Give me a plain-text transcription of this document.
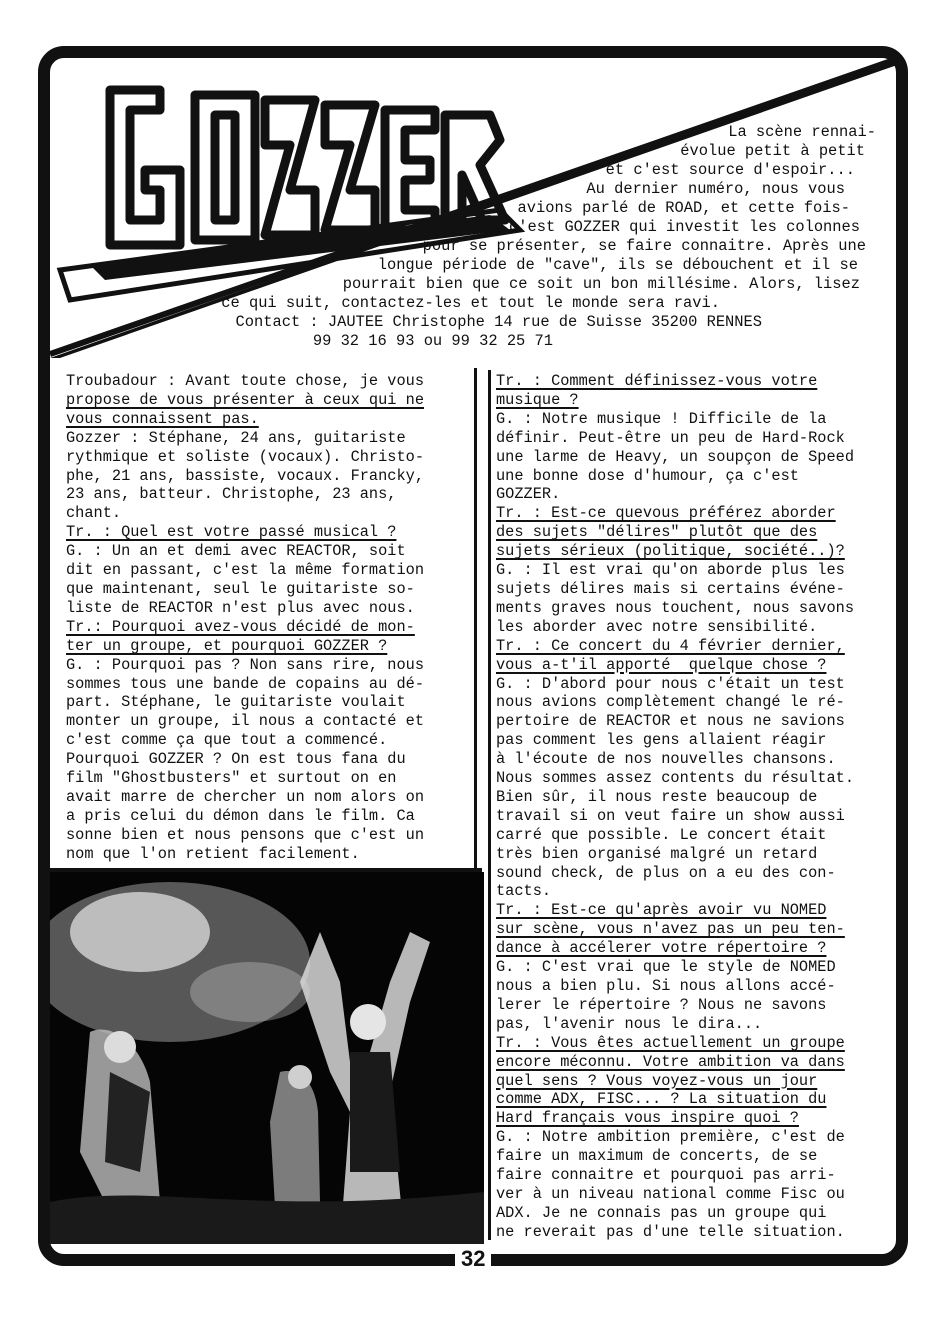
GOZZER
La scène rennai-
évolue petit à petit
et c'est source d'espoir...
Au dernier numéro, nous vous
avions parlé de ROAD, et cette fois-
çi c'est GOZZER qui investit les colonnes
pour se présenter, se faire connaitre. Après une
longue période de "cave", ils se débouchent et il se
pourrait bien que ce soit un bon millésime. Alors, lisez
ce qui suit, contactez-les et tout le monde sera ravi.
Contact : JAUTEE Christophe 14 rue de Suisse 35200 RENNES
99 32 16 93 ou 99 32 25 71
Troubadour : Avant toute chose, je vous
propose de vous présenter à ceux qui ne
vous connaissent pas.
Gozzer : Stéphane, 24 ans, guitariste
rythmique et soliste (vocaux). Christo-
phe, 21 ans, bassiste, vocaux. Francky,
23 ans, batteur. Christophe, 23 ans,
chant.
Tr. : Quel est votre passé musical ?
G. : Un an et demi avec REACTOR, soit
dit en passant, c'est la même formation
que maintenant, seul le guitariste so-
liste de REACTOR n'est plus avec nous.
Tr.: Pourquoi avez-vous décidé de mon-
ter un groupe, et pourquoi GOZZER ?
G. : Pourquoi pas ? Non sans rire, nous
sommes tous une bande de copains au dé-
part. Stéphane, le guitariste voulait
monter un groupe, il nous a contacté et
c'est comme ça que tout a commencé.
Pourquoi GOZZER ? On est tous fana du
film "Ghostbusters" et surtout on en
avait marre de chercher un nom alors on
a pris celui du démon dans le film. Ca
sonne bien et nous pensons que c'est un
nom que l'on retient facilement.
Tr. : Comment définissez-vous votre
musique ?
G. : Notre musique ! Difficile de la
définir. Peut-être un peu de Hard-Rock
une larme de Heavy, un soupçon de Speed
une bonne dose d'humour, ça c'est
GOZZER.
Tr. : Est-ce quevous préférez aborder
des sujets "délires" plutôt que des
sujets sérieux (politique, société..)?
G. : Il est vrai qu'on aborde plus les
sujets délires mais si certains événe-
ments graves nous touchent, nous savons
les aborder avec notre sensibilité.
Tr. : Ce concert du 4 février dernier,
vous a-t'il apporté  quelque chose ?
G. : D'abord pour nous c'était un test
nous avions complètement changé le ré-
pertoire de REACTOR et nous ne savions
pas comment les gens allaient réagir
à l'écoute de nos nouvelles chansons.
Nous sommes assez contents du résultat.
Bien sûr, il nous reste beaucoup de
travail si on veut faire un show aussi
carré que possible. Le concert était
très bien organisé malgré un retard
sound check, de plus on a eu des con-
tacts.
Tr. : Est-ce qu'après avoir vu NOMED
sur scène, vous n'avez pas un peu ten-
dance à accélerer votre répertoire ?
G. : C'est vrai que le style de NOMED
nous a bien plu. Si nous allons accé-
lerer le répertoire ? Nous ne savons
pas, l'avenir nous le dira...
Tr. : Vous êtes actuellement un groupe
encore méconnu. Votre ambition va dans
quel sens ? Vous voyez-vous un jour
comme ADX, FISC... ? La situation du
Hard français vous inspire quoi ?
G. : Notre ambition première, c'est de
faire un maximum de concerts, de se
faire connaitre et pourquoi pas arri-
ver à un niveau national comme Fisc ou
ADX. Je ne connais pas un groupe qui
ne reverait pas d'une telle situation.
32
